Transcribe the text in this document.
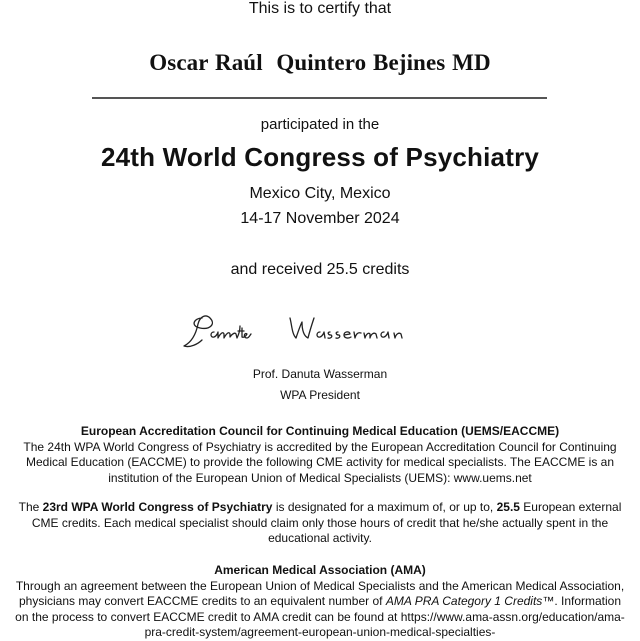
This is to certify that
Oscar Raúl  Quintero Bejines MD
participated in the
24th World Congress of Psychiatry
Mexico City, Mexico
14-17 November 2024
and received 25.5 credits
Prof. Danuta Wasserman
WPA President
European Accreditation Council for Continuing Medical Education (UEMS/EACCME)
The 24th WPA World Congress of Psychiatry is accredited by the European Accreditation Council for Continuing Medical Education (EACCME) to provide the following CME activity for medical specialists. The EACCME is an institution of the European Union of Medical Specialists (UEMS): www.uems.net
The 23rd WPA World Congress of Psychiatry is designated for a maximum of, or up to, 25.5 European external CME credits. Each medical specialist should claim only those hours of credit that he/she actually spent in the educational activity.
American Medical Association (AMA)
Through an agreement between the European Union of Medical Specialists and the American Medical Association, physicians may convert EACCME credits to an equivalent number of AMA PRA Category 1 Credits™. Information on the process to convert EACCME credit to AMA credit can be found at https://www.ama-assn.org/education/ama-pra-credit-system/agreement-european-union-medical-specialties-
